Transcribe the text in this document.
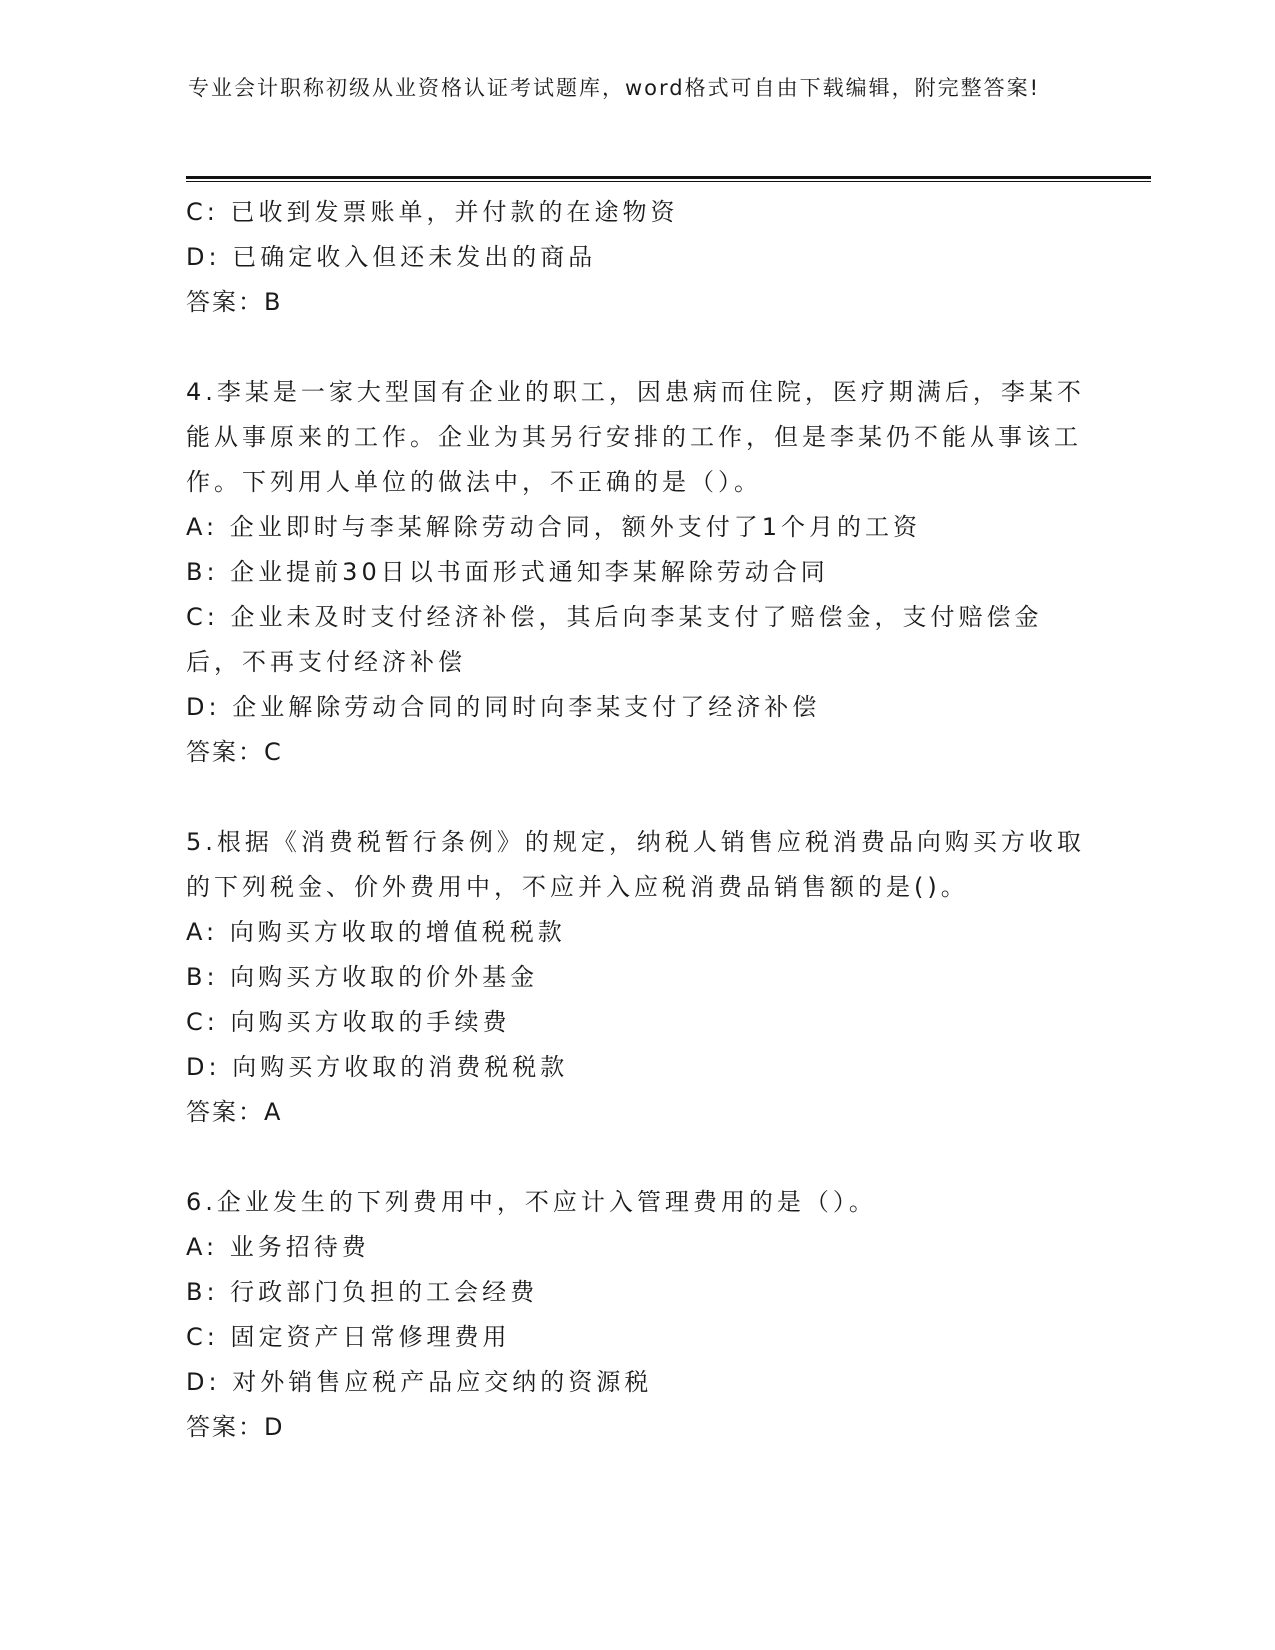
专业会计职称初级从业资格认证考试题库，word格式可自由下载编辑，附完整答案!

C: 已收到发票账单，并付款的在途物资

D: 已确定收入但还未发出的商品

答案：B

4.李某是一家大型国有企业的职工，因患病而住院，医疗期满后，李某不能从事原来的工作。企业为其另行安排的工作，但是李某仍不能从事该工作。下列用人单位的做法中，不正确的是（）。

A: 企业即时与李某解除劳动合同，额外支付了1个月的工资

B: 企业提前30日以书面形式通知李某解除劳动合同

C: 企业未及时支付经济补偿，其后向李某支付了赔偿金，支付赔偿金后，不再支付经济补偿

D: 企业解除劳动合同的同时向李某支付了经济补偿

答案：C

5.根据《消费税暂行条例》的规定，纳税人销售应税消费品向购买方收取的下列税金、价外费用中，不应并入应税消费品销售额的是()。

A: 向购买方收取的增值税税款

B: 向购买方收取的价外基金

C: 向购买方收取的手续费

D: 向购买方收取的消费税税款

答案：A

6.企业发生的下列费用中，不应计入管理费用的是（）。

A: 业务招待费

B: 行政部门负担的工会经费

C: 固定资产日常修理费用

D: 对外销售应税产品应交纳的资源税

答案：D
